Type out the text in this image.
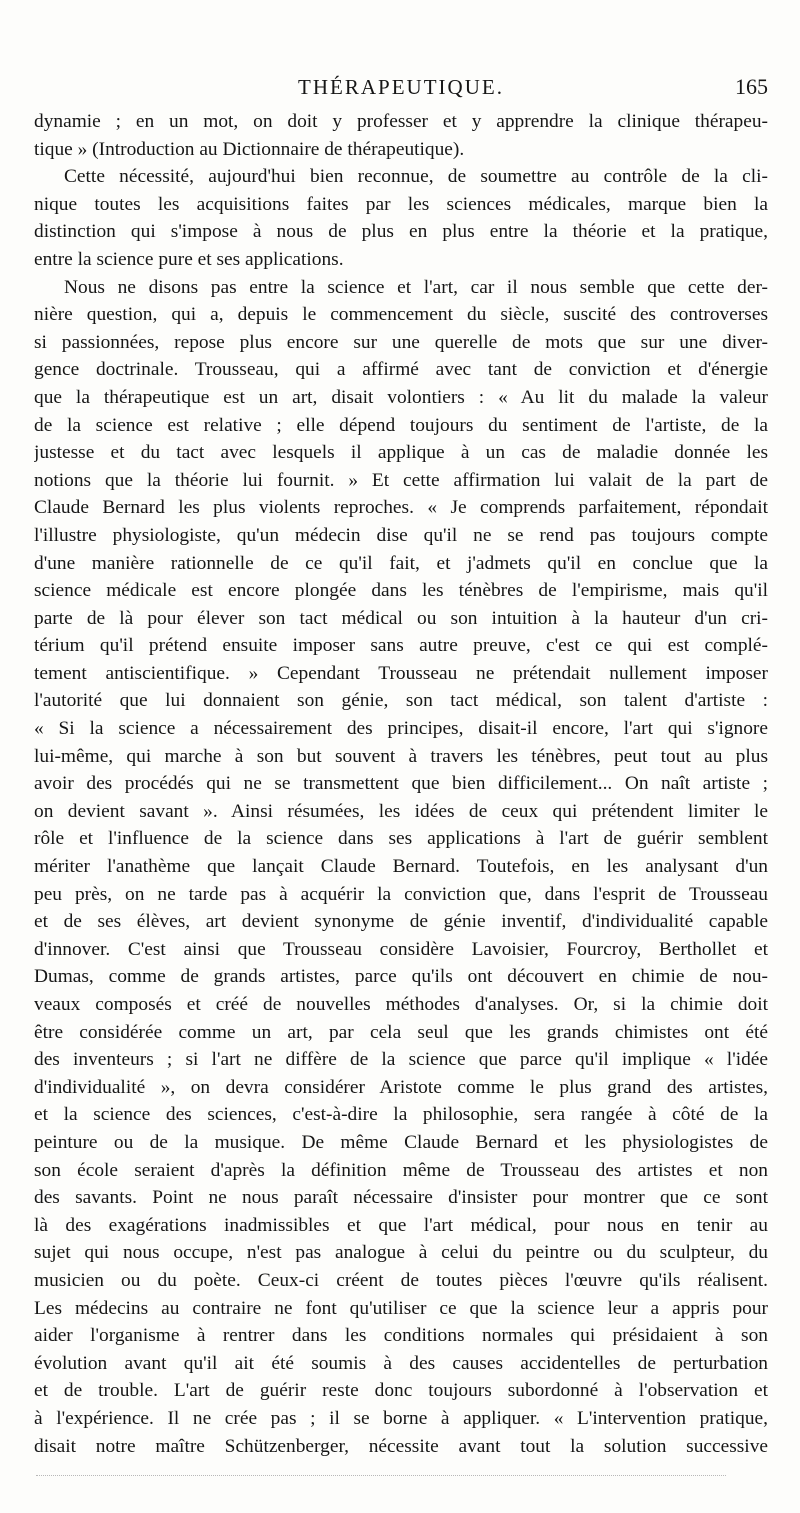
THÉRAPEUTIQUE.	165
dynamie ; en un mot, on doit y professer et y apprendre la clinique thérapeu-
tique » (Introduction au Dictionnaire de thérapeutique).
Cette nécessité, aujourd'hui bien reconnue, de soumettre au contrôle de la cli-
nique toutes les acquisitions faites par les sciences médicales, marque bien la
distinction qui s'impose à nous de plus en plus entre la théorie et la pratique,
entre la science pure et ses applications.
Nous ne disons pas entre la science et l'art, car il nous semble que cette der-
nière question, qui a, depuis le commencement du siècle, suscité des controverses
si passionnées, repose plus encore sur une querelle de mots que sur une diver-
gence doctrinale. Trousseau, qui a affirmé avec tant de conviction et d'énergie
que la thérapeutique est un art, disait volontiers : « Au lit du malade la valeur
de la science est relative ; elle dépend toujours du sentiment de l'artiste, de la
justesse et du tact avec lesquels il applique à un cas de maladie donnée les
notions que la théorie lui fournit. » Et cette affirmation lui valait de la part de
Claude Bernard les plus violents reproches. « Je comprends parfaitement, répondait
l'illustre physiologiste, qu'un médecin dise qu'il ne se rend pas toujours compte
d'une manière rationnelle de ce qu'il fait, et j'admets qu'il en conclue que la
science médicale est encore plongée dans les ténèbres de l'empirisme, mais qu'il
parte de là pour élever son tact médical ou son intuition à la hauteur d'un cri-
térium qu'il prétend ensuite imposer sans autre preuve, c'est ce qui est complé-
tement antiscientifique. » Cependant Trousseau ne prétendait nullement imposer
l'autorité que lui donnaient son génie, son tact médical, son talent d'artiste :
« Si la science a nécessairement des principes, disait-il encore, l'art qui s'ignore
lui-même, qui marche à son but souvent à travers les ténèbres, peut tout au plus
avoir des procédés qui ne se transmettent que bien difficilement... On naît artiste ;
on devient savant ». Ainsi résumées, les idées de ceux qui prétendent limiter le
rôle et l'influence de la science dans ses applications à l'art de guérir semblent
mériter l'anathème que lançait Claude Bernard. Toutefois, en les analysant d'un
peu près, on ne tarde pas à acquérir la conviction que, dans l'esprit de Trousseau
et de ses élèves, art devient synonyme de génie inventif, d'individualité capable
d'innover. C'est ainsi que Trousseau considère Lavoisier, Fourcroy, Berthollet et
Dumas, comme de grands artistes, parce qu'ils ont découvert en chimie de nou-
veaux composés et créé de nouvelles méthodes d'analyses. Or, si la chimie doit
être considérée comme un art, par cela seul que les grands chimistes ont été
des inventeurs ; si l'art ne diffère de la science que parce qu'il implique « l'idée
d'individualité », on devra considérer Aristote comme le plus grand des artistes,
et la science des sciences, c'est-à-dire la philosophie, sera rangée à côté de la
peinture ou de la musique. De même Claude Bernard et les physiologistes de
son école seraient d'après la définition même de Trousseau des artistes et non
des savants. Point ne nous paraît nécessaire d'insister pour montrer que ce sont
là des exagérations inadmissibles et que l'art médical, pour nous en tenir au
sujet qui nous occupe, n'est pas analogue à celui du peintre ou du sculpteur, du
musicien ou du poète. Ceux-ci créent de toutes pièces l'œuvre qu'ils réalisent.
Les médecins au contraire ne font qu'utiliser ce que la science leur a appris pour
aider l'organisme à rentrer dans les conditions normales qui présidaient à son
évolution avant qu'il ait été soumis à des causes accidentelles de perturbation
et de trouble. L'art de guérir reste donc toujours subordonné à l'observation et
à l'expérience. Il ne crée pas ; il se borne à appliquer. « L'intervention pratique,
disait notre maître Schützenberger, nécessite avant tout la solution successive
